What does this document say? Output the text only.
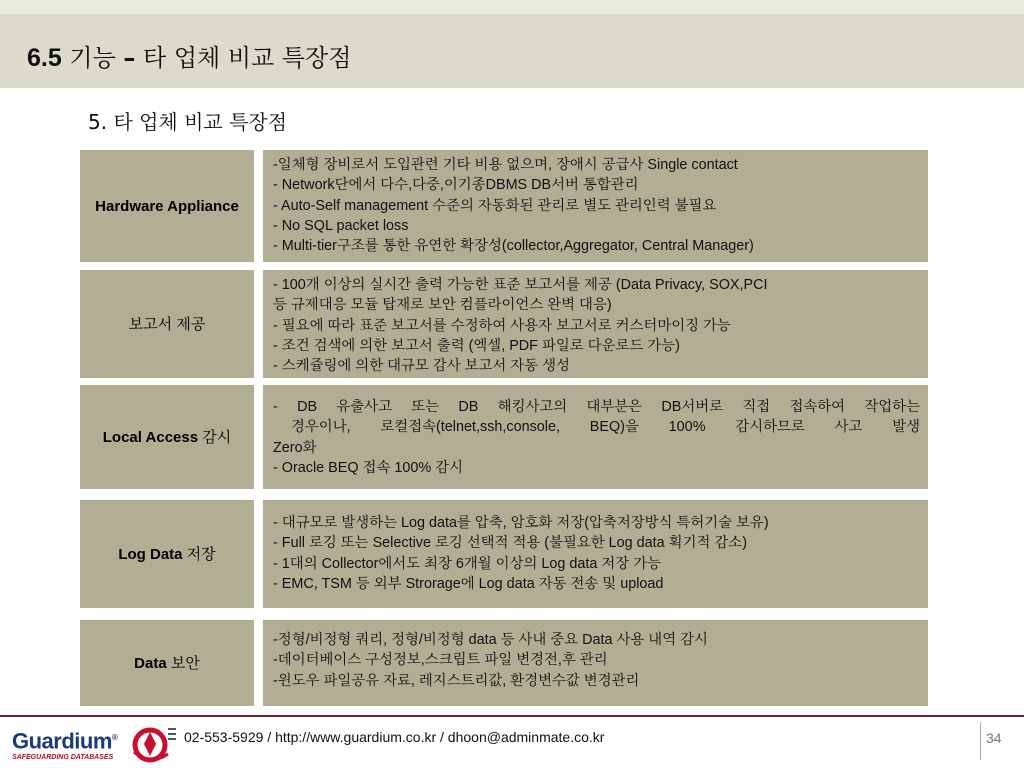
6.5 기능 – 타 업체 비교 특장점
5. 타 업체 비교 특장점
Hardware Appliance
-일체형 장비로서 도입관련 기타 비용 없으며, 장애시 공급사 Single contact
- Network단에서 다수,다중,이기종DBMS DB서버 통합관리
- Auto-Self management 수준의 자동화된 관리로 별도 관리인력 불필요
- No SQL packet loss
- Multi-tier구조를 통한 유연한 확장성(collector,Aggregator, Central Manager)
보고서 제공
- 100개 이상의 실시간 출력 가능한 표준 보고서를 제공 (Data Privacy, SOX,PCI
등 규제대응 모듈 탑재로 보안 컴플라이언스 완벽 대응)
- 필요에 따라 표준 보고서를 수정하여 사용자 보고서로 커스터마이징 가능
- 조건 검색에 의한 보고서 출력 (엑셀, PDF 파일로 다운로드 가능)
- 스케쥴링에 의한 대규모 감사 보고서 자동 생성
Local Access 감시
- DB 유출사고 또는 DB 해킹사고의 대부분은 DB서버로 직접 접속하여 작업하는
경우이나, 로컬접속(telnet,ssh,console, BEQ)을 100% 감시하므로 사고 발생
Zero화
- Oracle BEQ 접속 100% 감시
Log Data 저장
- 대규모로 발생하는 Log data를 압축, 암호화 저장(압축저장방식 특허기술 보유)
- Full 로깅 또는 Selective 로깅 선택적 적용 (불필요한 Log data 획기적 감소)
- 1대의 Collector에서도 최장 6개월 이상의 Log data 저장 가능
- EMC, TSM 등 외부 Strorage에 Log data 자동 전송 및 upload
Data 보안
-정형/비정형 쿼리, 정형/비정형 data 등 사내 중요 Data 사용 내역 감시
-데이터베이스 구성정보,스크립트 파일 변경전,후 관리
-윈도우 파일공유 자료, 레지스트리값, 환경변수값 변경관리
Guardium®
SAFEGUARDING DATABASES
02-553-5929 / http://www.guardium.co.kr / dhoon@adminmate.co.kr	34
